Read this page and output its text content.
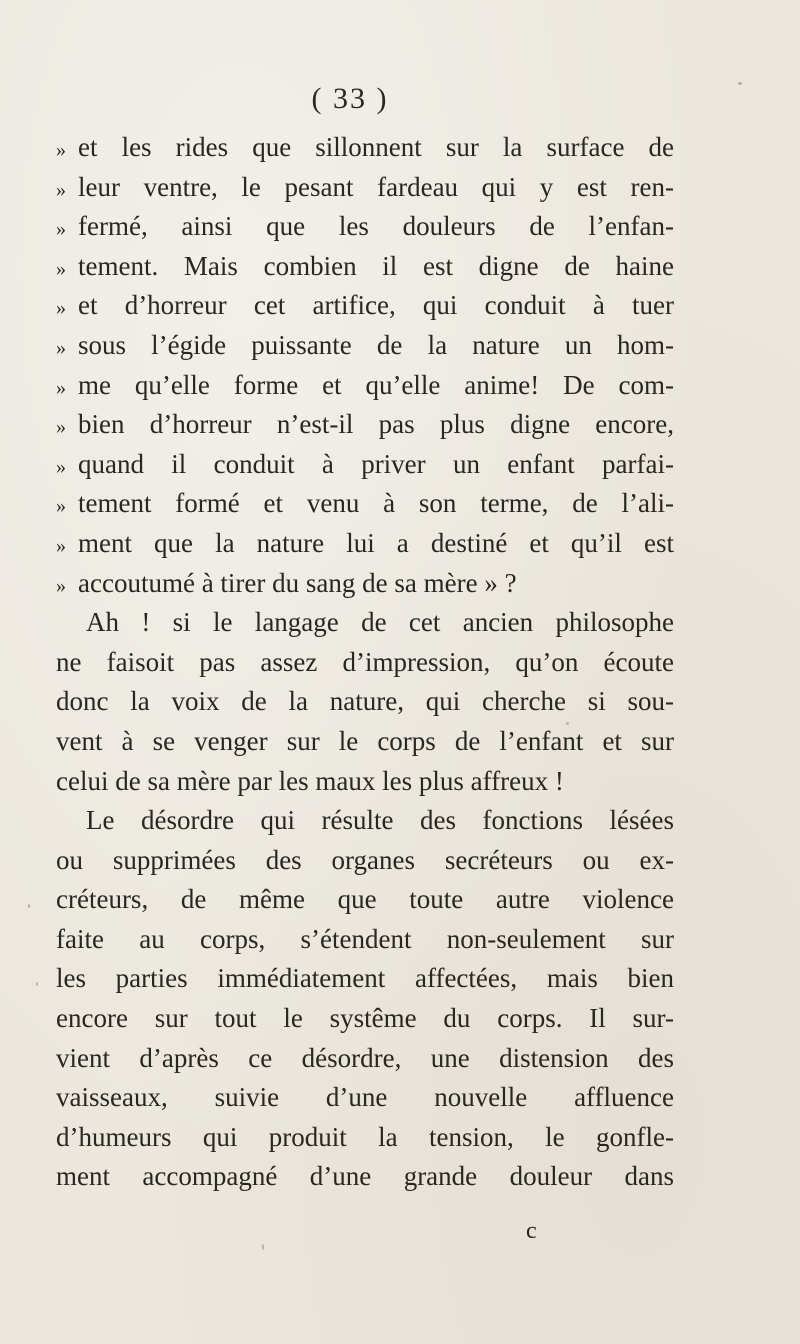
( 33 )
» et les rides que sillonnent sur la surface de
» leur ventre, le pesant fardeau qui y est ren-
» fermé, ainsi que les douleurs de l’enfan-
» tement. Mais combien il est digne de haine
» et d’horreur cet artifice, qui conduit à tuer
» sous l’égide puissante de la nature un hom-
» me qu’elle forme et qu’elle anime! De com-
» bien d’horreur n’est-il pas plus digne encore,
» quand il conduit à priver un enfant parfai-
» tement formé et venu à son terme, de l’ali-
» ment que la nature lui a destiné et qu’il est
» accoutumé à tirer du sang de sa mère » ?
Ah ! si le langage de cet ancien philosophe
ne faisoit pas assez d’impression, qu’on écoute
donc la voix de la nature, qui cherche si sou-
vent à se venger sur le corps de l’enfant et sur
celui de sa mère par les maux les plus affreux !
Le désordre qui résulte des fonctions lésées
ou supprimées des organes secréteurs ou ex-
créteurs, de même que toute autre violence
faite au corps, s’étendent non-seulement sur
les parties immédiatement affectées, mais bien
encore sur tout le systême du corps. Il sur-
vient d’après ce désordre, une distension des
vaisseaux, suivie d’une nouvelle affluence
d’humeurs qui produit la tension, le gonfle-
ment accompagné d’une grande douleur dans
c
